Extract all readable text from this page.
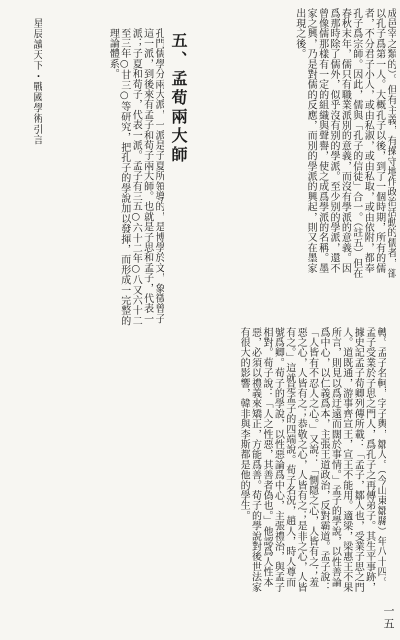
成邑宰之類的）。但有主義，有操守地作政治活動的儒者，卻以孔子爲第一人。大概孔子以後，到了一個時期，所有的儒者，不分君子小人，或由私淑，或由私取，或由依附，都奉孔子爲宗師。因此，儒與「孔子的信徒」合一。（註五）但在春秋末年，儒只有職業派別的意義，而沒有學派的意義。因爲那時除了儒外，似乎沒有别的學派。至少别的學派，還不曾像儒那樣有一定的組織與聲譽，使之成爲學派的名稱。墨家之興，乃是對儒的反應，而別的學派的興起，則又在墨家出現之後。
五、孟荀兩大師
孔門儒學分兩大派，一派是子夏所領導的，是博學於文，象徵曾子這一派，到後來有孟子和荀子兩大師。也就是子思和孟子，代表一派；子夏和荀子，代表一派。孟子有三五○六十二年○八又六十二至三年○甘三○等研究，把孔子的學說加以發揮，而形成一完整的理論體系。
星辰讀天下・戰國學術引言
轉。孟子名軻，字子輿，鄒人。（今山東鄒縣）年八十四。孟子受業於子思之門人，爲孔子之再傳弟子。其生平事跡，據史記孟子荀卿列傳所載：「孟子，鄒人也，受業子思之門人。道既通，游事齊宣王，宣王不能用。適梁，梁惠王不果所言，則見以爲迂遠而闊於事情。」孟子的學說，以性善論爲中心，以仁義爲本，主張王道政治，反對霸道。孟子說：「人皆有不忍人之心。」又說：「惻隱之心，人皆有之；羞惡之心，人皆有之；恭敬之心，人皆有之；是非之心，人皆有之。」這就是孟子的四端說。荀子名況，趙人，時人尊而號爲卿。荀子的學說，以性惡論爲中心，主張禮治，與孟子相對。荀子說：「人之性惡，其善者偽也。」他認爲人性本惡，必須以禮義來矯正，方能爲善。荀子的學說對後世法家有很大的影響，韓非與李斯都是他的學生。
一五
